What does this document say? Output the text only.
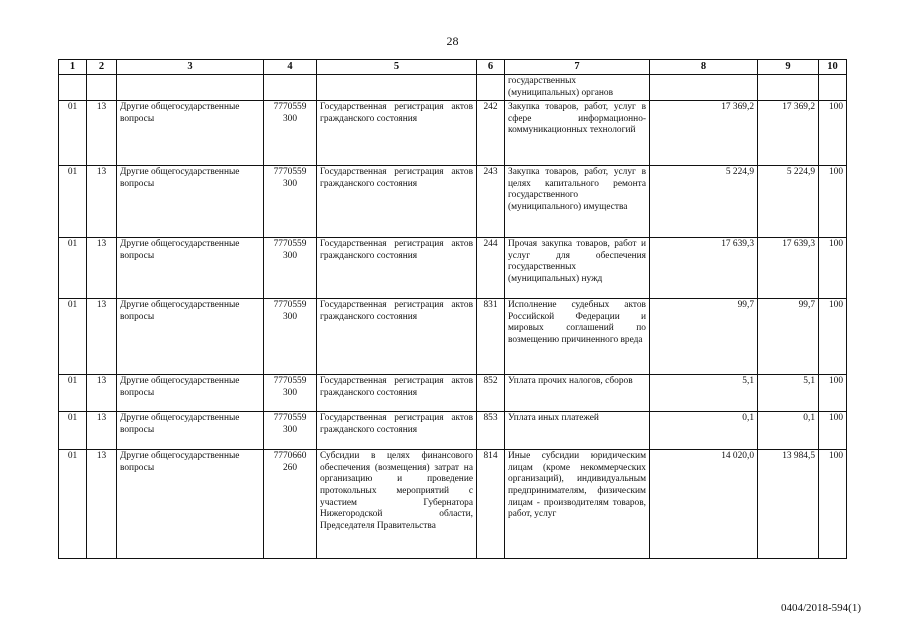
28
1	2	3	4	5	6	7	8	9	10
						государственных (муниципальных) органов			
01	13	Другие общегосударственные вопросы	7770559 300	Государственная регистрация актов гражданского состояния	242	Закупка товаров, работ, услуг в сфере информационно-коммуникационных технологий	17 369,2	17 369,2	100
01	13	Другие общегосударственные вопросы	7770559 300	Государственная регистрация актов гражданского состояния	243	Закупка товаров, работ, услуг в целях капитального ремонта государственного (муниципального) имущества	5 224,9	5 224,9	100
01	13	Другие общегосударственные вопросы	7770559 300	Государственная регистрация актов гражданского состояния	244	Прочая закупка товаров, работ и услуг для обеспечения государственных (муниципальных) нужд	17 639,3	17 639,3	100
01	13	Другие общегосударственные вопросы	7770559 300	Государственная регистрация актов гражданского состояния	831	Исполнение судебных актов Российской Федерации и мировых соглашений по возмещению причиненного вреда	99,7	99,7	100
01	13	Другие общегосударственные вопросы	7770559 300	Государственная регистрация актов гражданского состояния	852	Уплата прочих налогов, сборов	5,1	5,1	100
01	13	Другие общегосударственные вопросы	7770559 300	Государственная регистрация актов гражданского состояния	853	Уплата иных платежей	0,1	0,1	100
01	13	Другие общегосударственные вопросы	7770660 260	Субсидии в целях финансового обеспечения (возмещения) затрат на организацию и проведение протокольных мероприятий с участием Губернатора Нижегородской области, Председателя Правительства	814	Иные субсидии юридическим лицам (кроме некоммерческих организаций), индивидуальным предпринимателям, физическим лицам - производителям товаров, работ, услуг	14 020,0	13 984,5	100
0404/2018-594(1)
